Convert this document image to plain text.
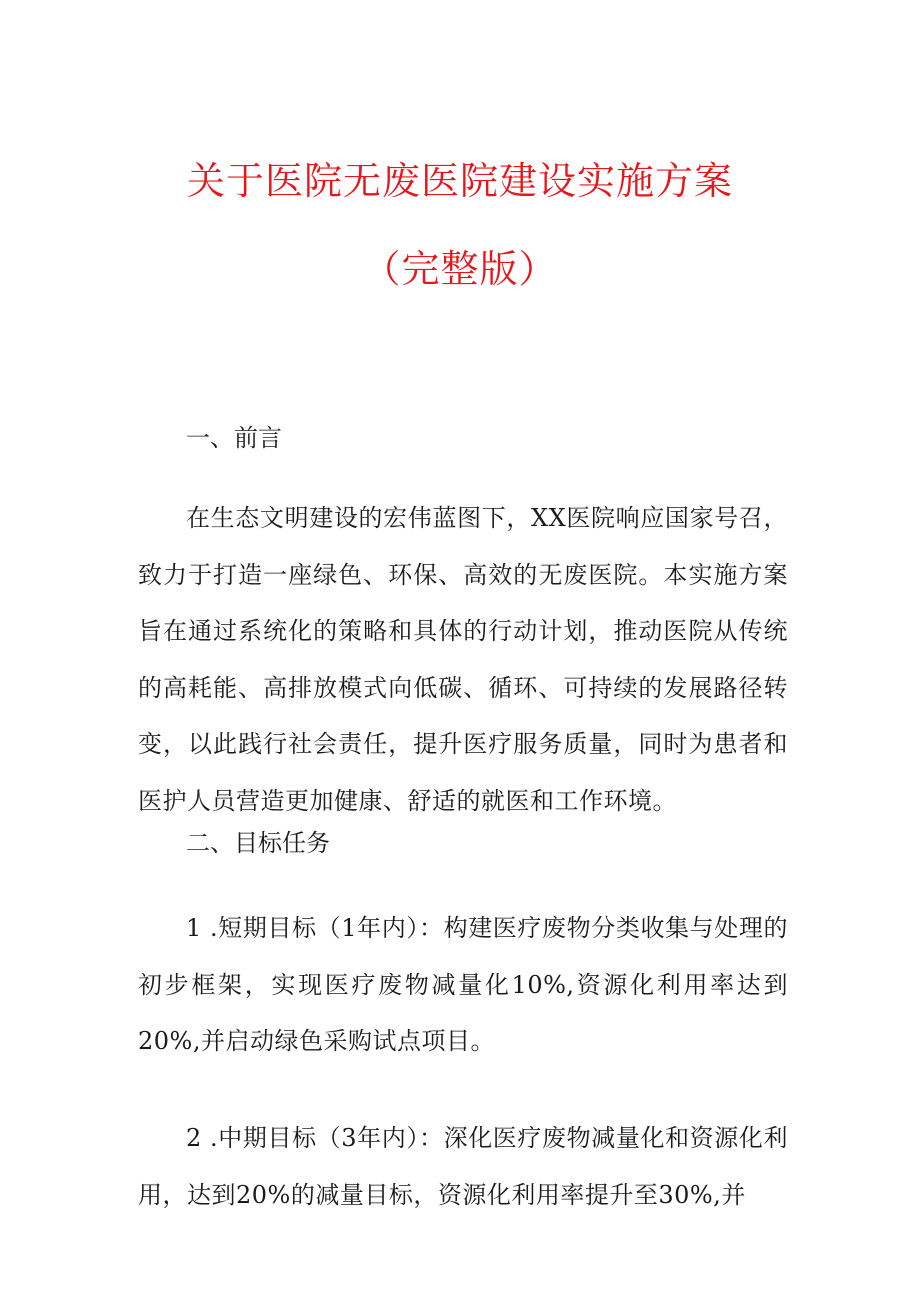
关于医院无废医院建设实施方案
（完整版）
一、前言
在生态文明建设的宏伟蓝图下，XX医院响应国家号召，致力于打造一座绿色、环保、高效的无废医院。本实施方案旨在通过系统化的策略和具体的行动计划，推动医院从传统的高耗能、高排放模式向低碳、循环、可持续的发展路径转变，以此践行社会责任，提升医疗服务质量，同时为患者和医护人员营造更加健康、舒适的就医和工作环境。
二、目标任务
1 .短期目标（1年内）：构建医疗废物分类收集与处理的初步框架，实现医疗废物减量化10%,资源化利用率达到20%,并启动绿色采购试点项目。
2 .中期目标（3年内）：深化医疗废物减量化和资源化利用，达到20%的减量目标，资源化利用率提升至30%,并
